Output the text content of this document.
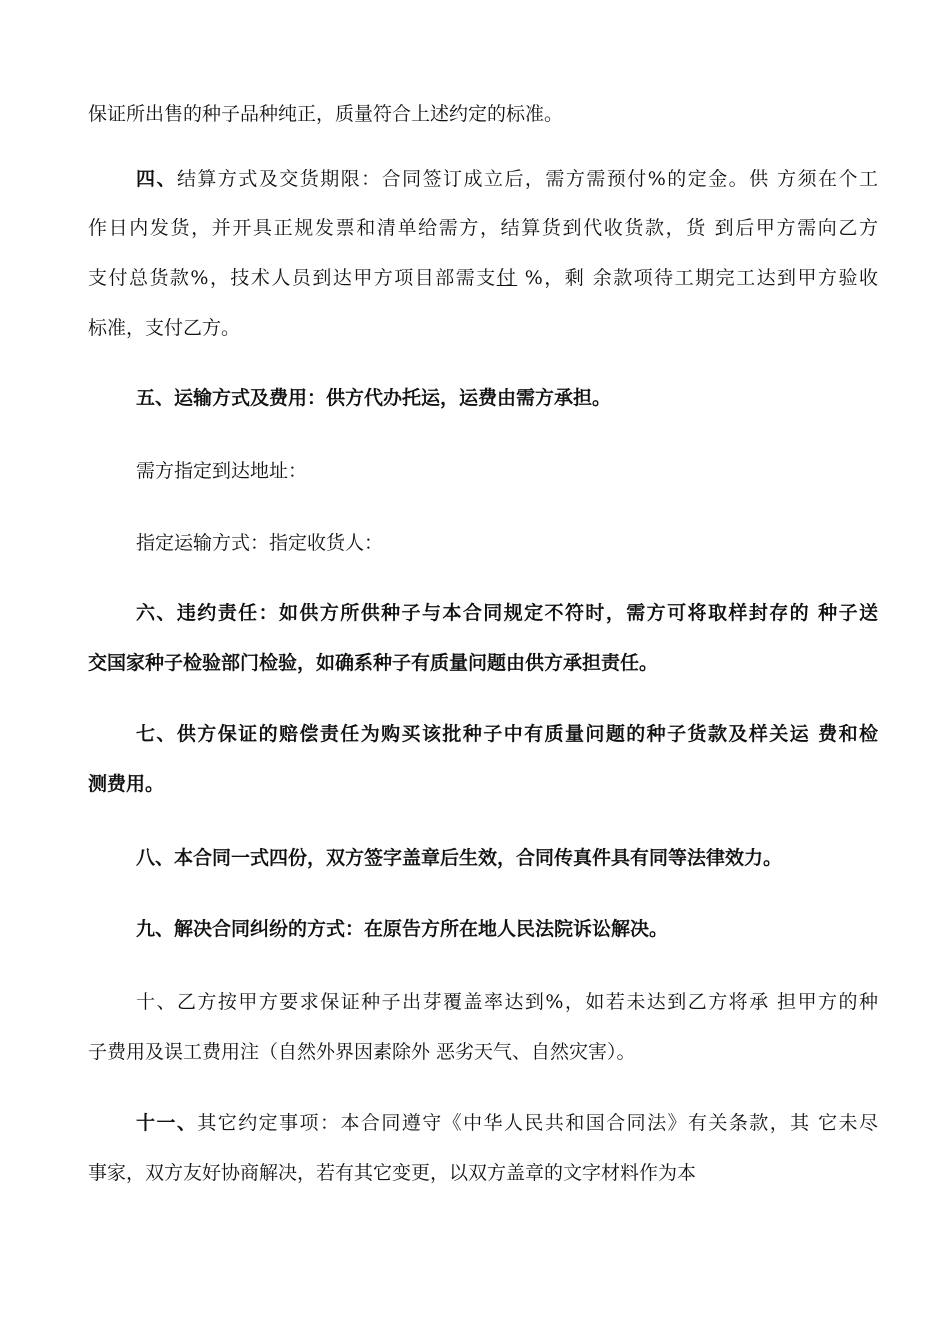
保证所出售的种子品种纯正，质量符合上述约定的标准。
四、结算方式及交货期限：合同签订成立后，需方需预付%的定金。供 方须在个工
作日内发货，并开具正规发票和清单给需方，结算货到代收货款，货 到后甲方需向乙方
支付总货款%，技术人员到达甲方项目部需支付 %，剩 余款项待工期完工达到甲方验收
标准，支付乙方。
五、运输方式及费用：供方代办托运，运费由需方承担。
需方指定到达地址：
指定运输方式：指定收货人：
六、违约责任：如供方所供种子与本合同规定不符时，需方可将取样封存的 种子送
交国家种子检验部门检验，如确系种子有质量问题由供方承担责任。
七、供方保证的赔偿责任为购买该批种子中有质量问题的种子货款及样关运 费和检
测费用。
八、本合同一式四份，双方签字盖章后生效，合同传真件具有同等法律效力。
九、解决合同纠纷的方式：在原告方所在地人民法院诉讼解决。
十、乙方按甲方要求保证种子出芽覆盖率达到%，如若未达到乙方将承 担甲方的种
子费用及误工费用注（自然外界因素除外 恶劣天气、自然灾害）。
十一、其它约定事项：本合同遵守《中华人民共和国合同法》有关条款，其 它未尽
事家，双方友好协商解决，若有其它变更，以双方盖章的文字材料作为本
